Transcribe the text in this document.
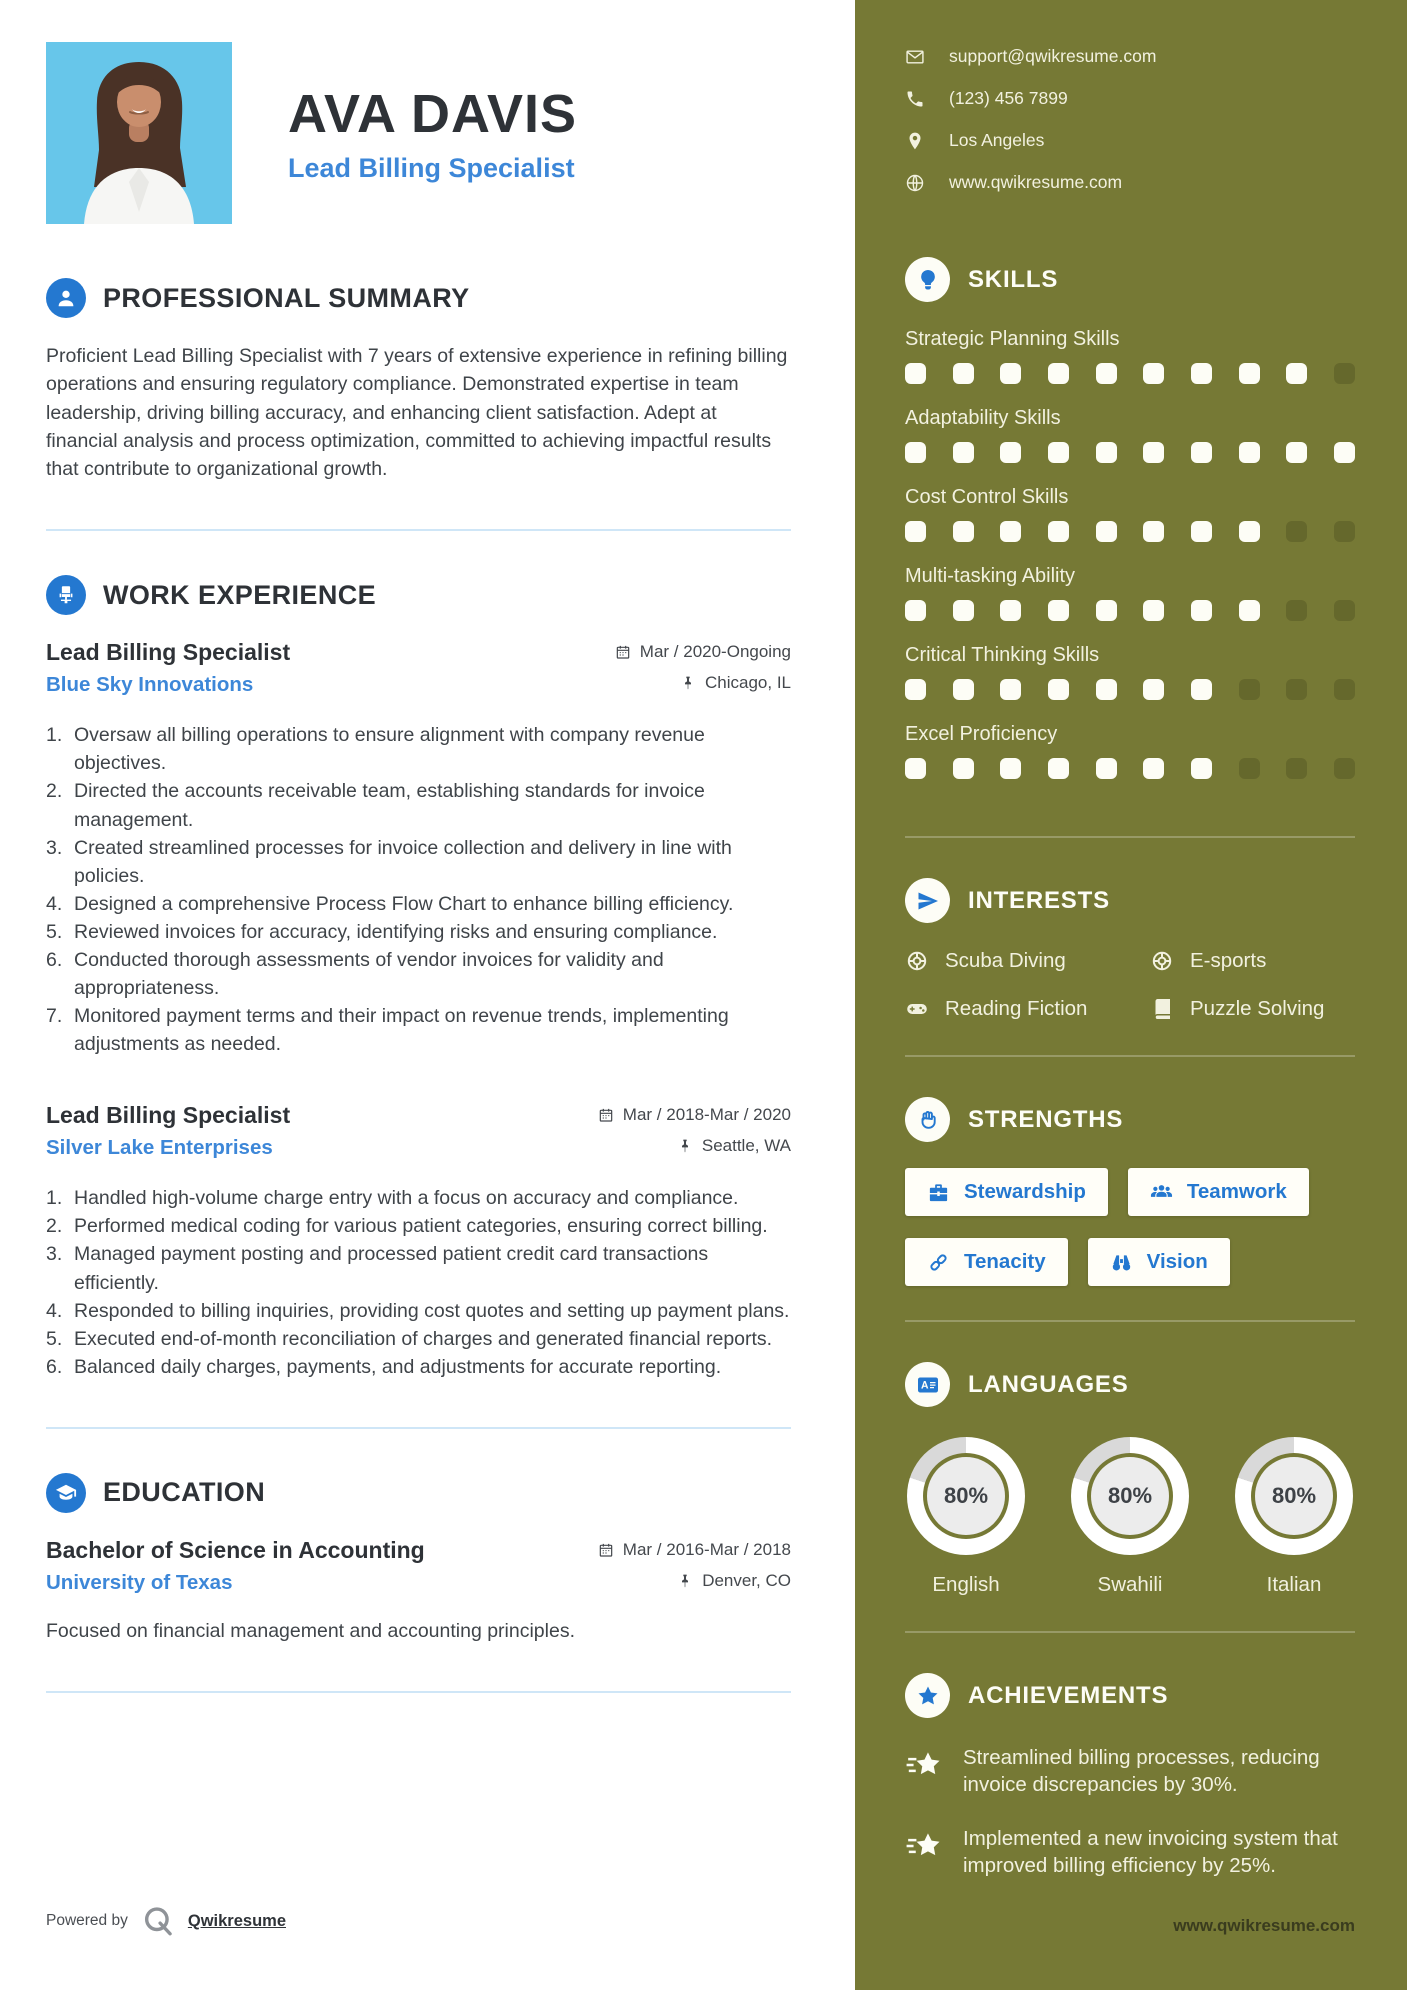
AVA DAVIS
Lead Billing Specialist
PROFESSIONAL SUMMARY

Proficient Lead Billing Specialist with 7 years of extensive experience in refining billing operations and ensuring regulatory compliance. Demonstrated expertise in team leadership, driving billing accuracy, and enhancing client satisfaction. Adept at financial analysis and process optimization, committed to achieving impactful results that contribute to organizational growth.

WORK EXPERIENCE
Lead Billing Specialist	Mar / 2020-Ongoing
Blue Sky Innovations	Chicago, IL
Oversaw all billing operations to ensure alignment with company revenue objectives.
Directed the accounts receivable team, establishing standards for invoice management.
Created streamlined processes for invoice collection and delivery in line with policies.
Designed a comprehensive Process Flow Chart to enhance billing efficiency.
Reviewed invoices for accuracy, identifying risks and ensuring compliance.
Conducted thorough assessments of vendor invoices for validity and appropriateness.
Monitored payment terms and their impact on revenue trends, implementing adjustments as needed.
Lead Billing Specialist	Mar / 2018-Mar / 2020
Silver Lake Enterprises	Seattle, WA
Handled high-volume charge entry with a focus on accuracy and compliance.
Performed medical coding for various patient categories, ensuring correct billing.
Managed payment posting and processed patient credit card transactions efficiently.
Responded to billing inquiries, providing cost quotes and setting up payment plans.
Executed end-of-month reconciliation of charges and generated financial reports.
Balanced daily charges, payments, and adjustments for accurate reporting.
EDUCATION
Bachelor of Science in Accounting	Mar / 2016-Mar / 2018
University of Texas	Denver, CO

Focused on financial management and accounting principles.

Powered by	Qwikresume
support@qwikresume.com
(123) 456 7899
Los Angeles
www.qwikresume.com
SKILLS
Strategic Planning Skills
Adaptability Skills
Cost Control Skills
Multi-tasking Ability
Critical Thinking Skills
Excel Proficiency
INTERESTS
Scuba Diving	E-sports
Reading Fiction	Puzzle Solving
STRENGTHS
Stewardship	Teamwork
Tenacity	Vision
LANGUAGES
80%
English
80%
Swahili
80%
Italian
ACHIEVEMENTS
Streamlined billing processes, reducing invoice discrepancies by 30%.
Implemented a new invoicing system that improved billing efficiency by 25%.
www.qwikresume.com
